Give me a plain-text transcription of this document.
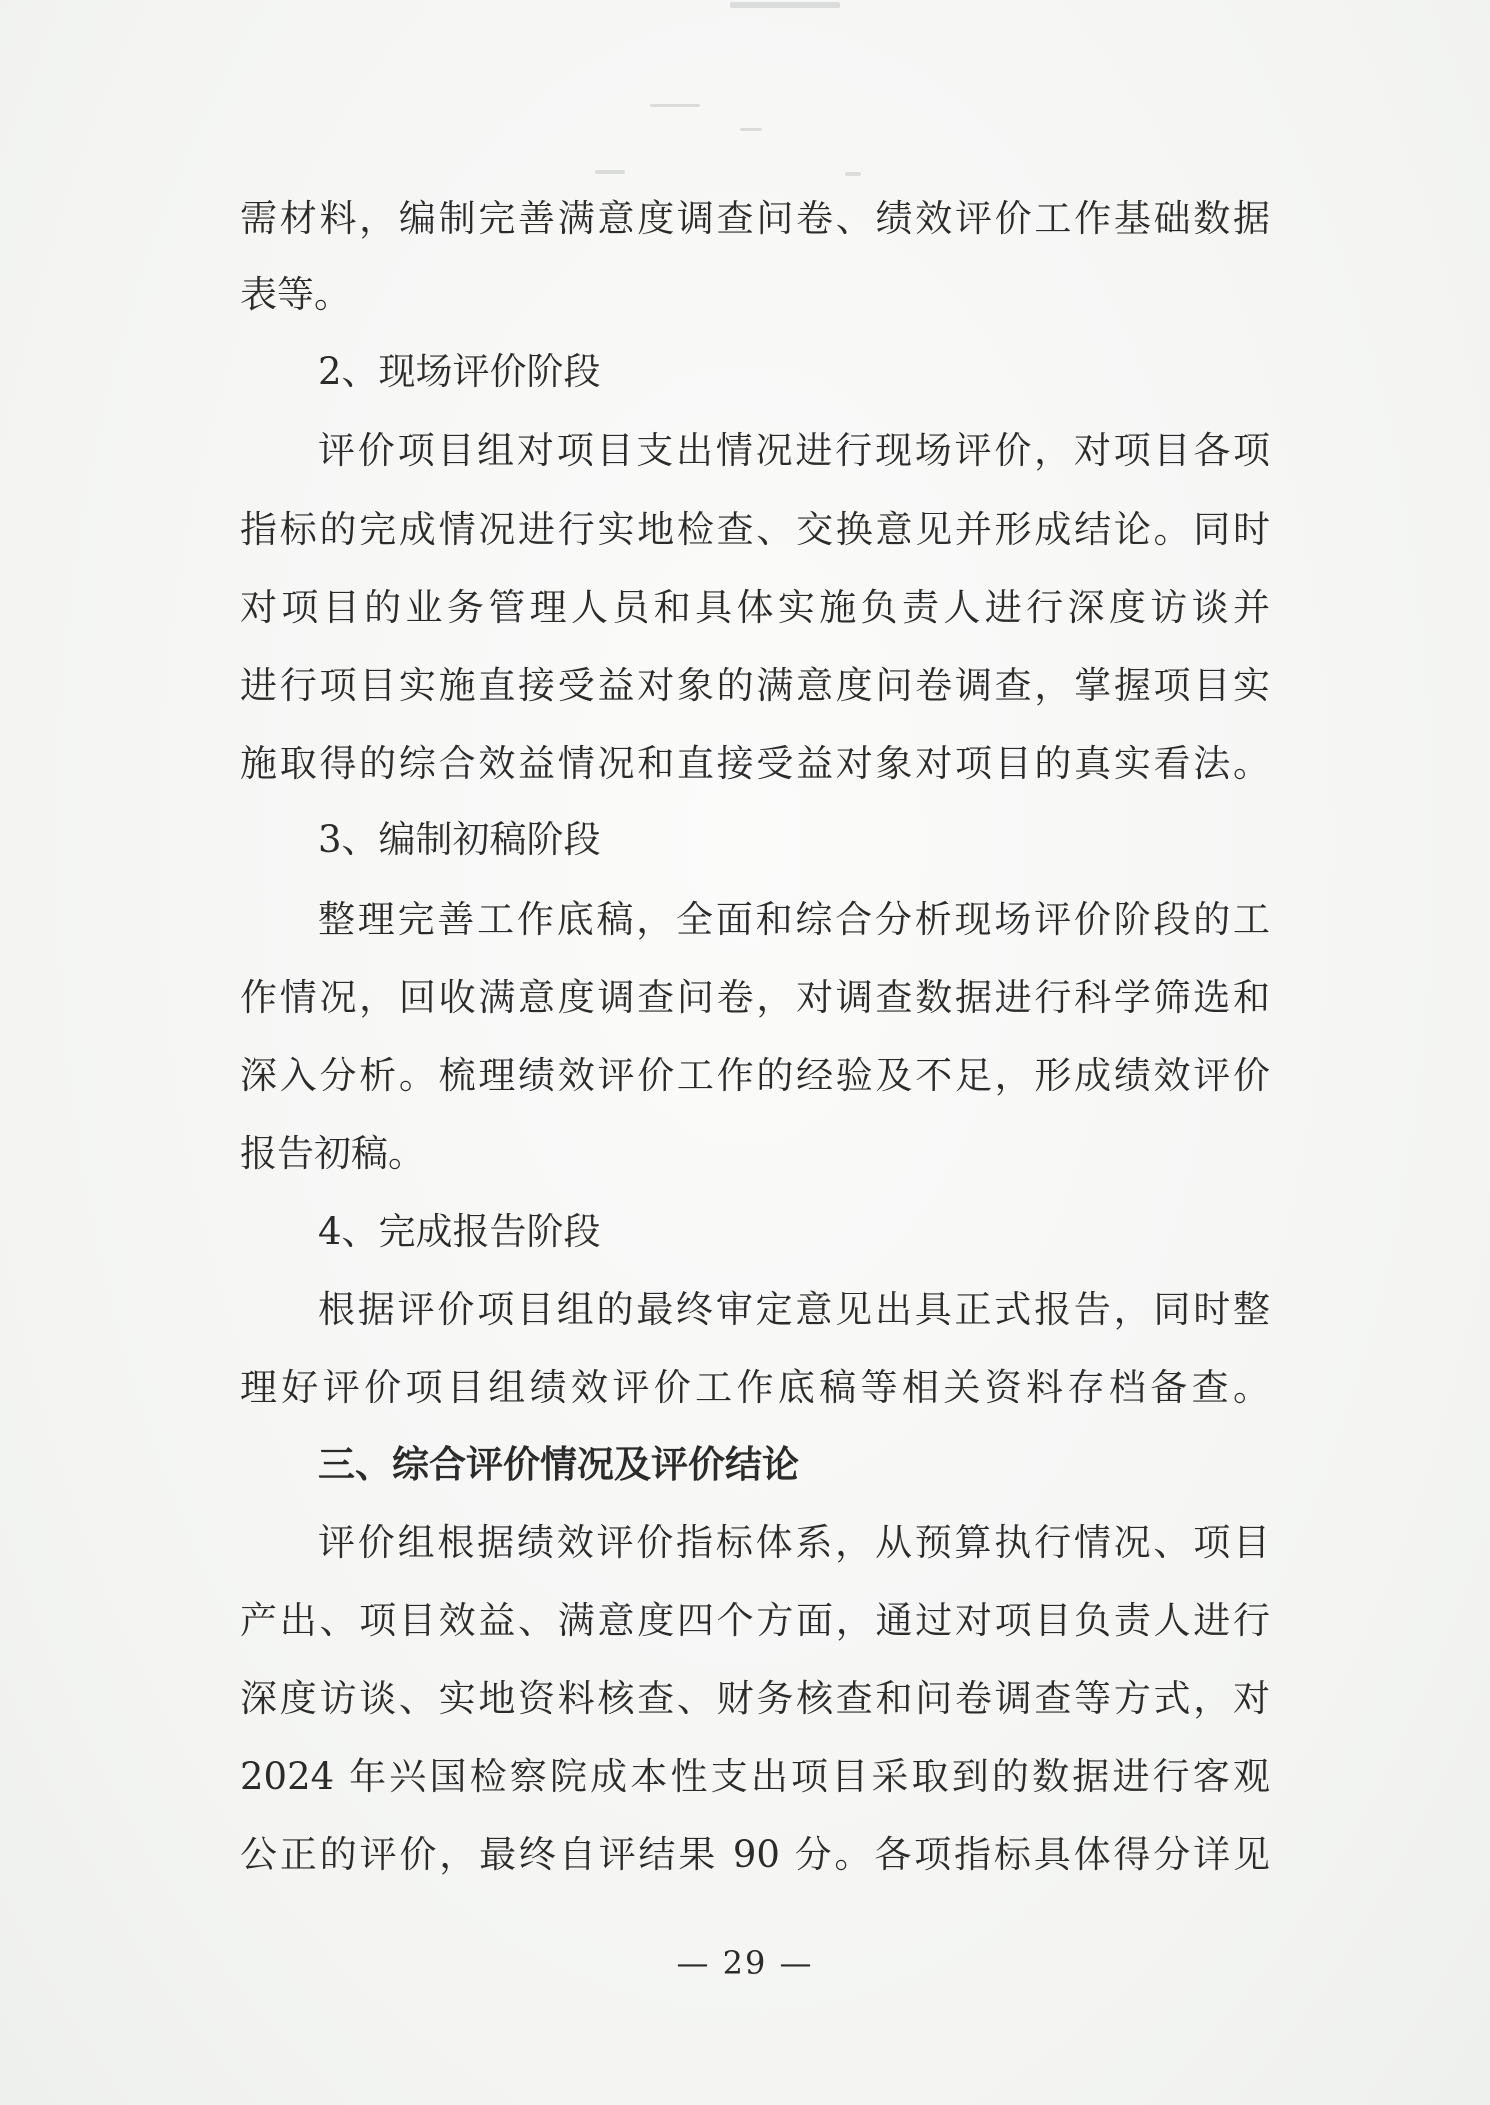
需材料，编制完善满意度调查问卷、绩效评价工作基础数据
表等。
2、现场评价阶段
评价项目组对项目支出情况进行现场评价，对项目各项
指标的完成情况进行实地检查、交换意见并形成结论。同时
对项目的业务管理人员和具体实施负责人进行深度访谈并
进行项目实施直接受益对象的满意度问卷调查，掌握项目实
施取得的综合效益情况和直接受益对象对项目的真实看法。
3、编制初稿阶段
整理完善工作底稿，全面和综合分析现场评价阶段的工
作情况，回收满意度调查问卷，对调查数据进行科学筛选和
深入分析。梳理绩效评价工作的经验及不足，形成绩效评价
报告初稿。
4、完成报告阶段
根据评价项目组的最终审定意见出具正式报告，同时整
理好评价项目组绩效评价工作底稿等相关资料存档备查。
三、综合评价情况及评价结论
评价组根据绩效评价指标体系，从预算执行情况、项目
产出、项目效益、满意度四个方面，通过对项目负责人进行
深度访谈、实地资料核查、财务核查和问卷调查等方式，对
2024 年兴国检察院成本性支出项目采取到的数据进行客观
公正的评价，最终自评结果 90 分。各项指标具体得分详见
— 29 —
